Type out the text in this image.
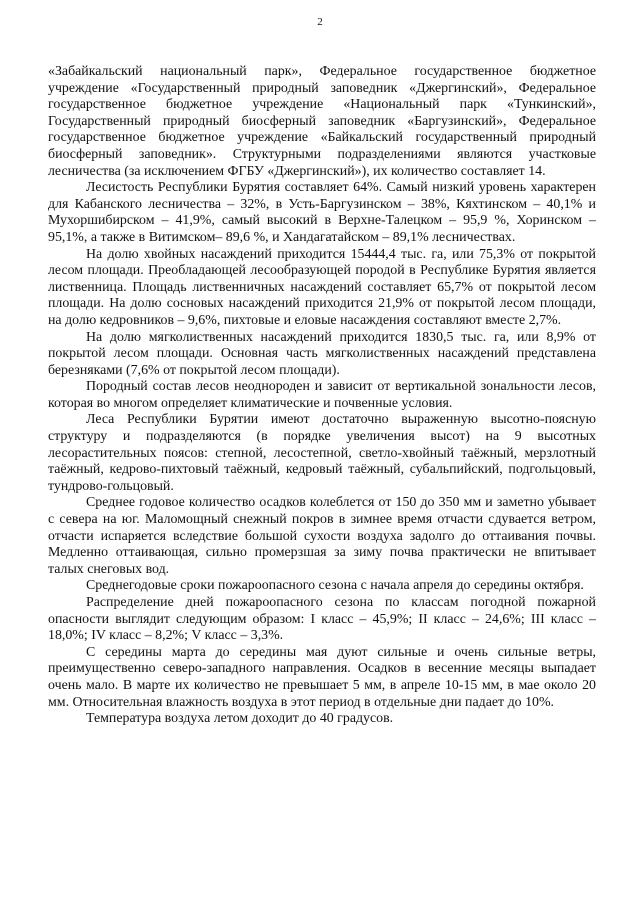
2

«Забайкальский национальный парк», Федеральное государственное бюджетное учреждение «Государственный природный заповедник «Джергинский», Федеральное государственное бюджетное учреждение «Национальный парк «Тункинский», Государственный природный биосферный заповедник «Баргузинский», Федеральное государственное бюджетное учреждение «Байкальский государственный природный биосферный заповедник». Структурными подразделениями являются участковые лесничества (за исключением ФГБУ «Джергинский»), их количество составляет 14.

Лесистость Республики Бурятия составляет 64%. Самый низкий уровень характерен для Кабанского лесничества – 32%, в Усть-Баргузинском – 38%, Кяхтинском – 40,1% и Мухоршибирском – 41,9%, самый высокий в Верхне-Талецком – 95,9 %, Хоринском – 95,1%, а также в Витимском– 89,6 %, и Хандагатайском – 89,1% лесничествах.

На долю хвойных насаждений приходится 15444,4 тыс. га, или 75,3% от покрытой лесом площади. Преобладающей лесообразующей породой в Республике Бурятия является лиственница. Площадь лиственничных насаждений составляет 65,7% от покрытой лесом площади. На долю сосновых насаждений приходится 21,9% от покрытой лесом площади, на долю кедровников – 9,6%, пихтовые и еловые насаждения составляют вместе 2,7%.

На долю мягколиственных насаждений приходится 1830,5 тыс. га, или 8,9% от покрытой лесом площади. Основная часть мягколиственных насаждений представлена березняками (7,6% от покрытой лесом площади).

Породный состав лесов неоднороден и зависит от вертикальной зональности лесов, которая во многом определяет климатические и почвенные условия.

Леса Республики Бурятии имеют достаточно выраженную высотно-поясную структуру и подразделяются (в порядке увеличения высот) на 9 высотных лесорастительных поясов: степной, лесостепной, светло-хвойный таёжный, мерзлотный таёжный, кедрово-пихтовый таёжный, кедровый таёжный, субальпийский, подгольцовый, тундрово-гольцовый.

Среднее годовое количество осадков колеблется от 150 до 350 мм и заметно убывает с севера на юг. Маломощный снежный покров в зимнее время отчасти сдувается ветром, отчасти испаряется вследствие большой сухости воздуха задолго до оттаивания почвы. Медленно оттаивающая, сильно промерзшая за зиму почва практически не впитывает талых снеговых вод.

Среднегодовые сроки пожароопасного сезона с начала апреля до середины октября.

Распределение дней пожароопасного сезона по классам погодной пожарной опасности выглядит следующим образом: I класс – 45,9%; II класс – 24,6%; III класс – 18,0%; IV класс – 8,2%; V класс – 3,3%.

С середины марта до середины мая дуют сильные и очень сильные ветры, преимущественно северо-западного направления. Осадков в весенние месяцы выпадает очень мало. В марте их количество не превышает 5 мм, в апреле 10-15 мм, в мае около 20 мм. Относительная влажность воздуха в этот период в отдельные дни падает до 10%.

Температура воздуха летом доходит до 40 градусов.
